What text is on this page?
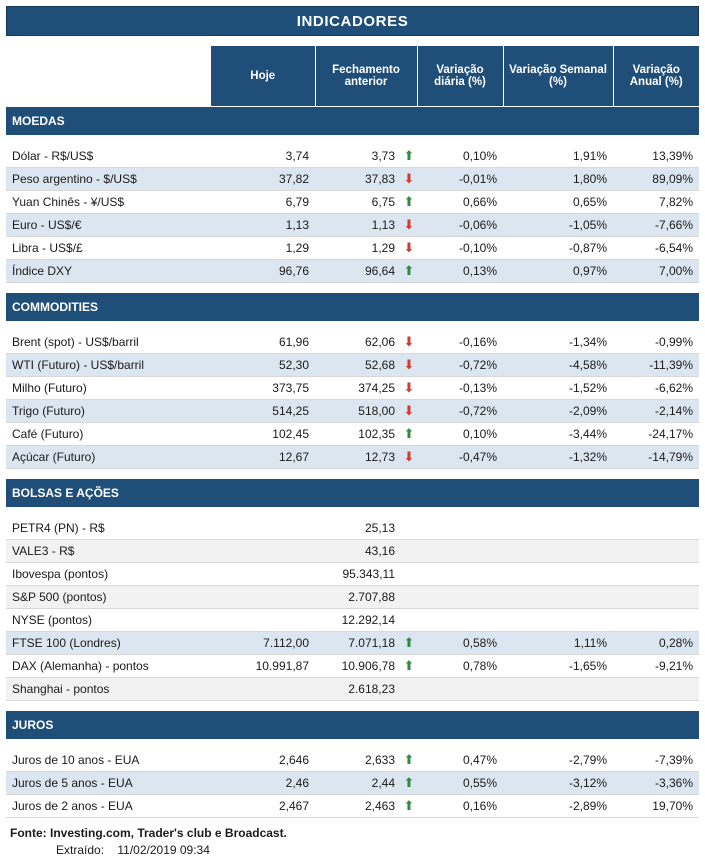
INDICADORES
	Hoje	Fechamento anterior		Variação diária (%)	Variação Semanal (%)	Variação Anual (%)
MOEDAS						

Dólar - R$/US$	3,74	3,73	⬆	0,10%	1,91%	13,39%
Peso argentino - $/US$	37,82	37,83	⬇	-0,01%	1,80%	89,09%
Yuan Chinês - ¥/US$	6,79	6,75	⬆	0,66%	0,65%	7,82%
Euro - US$/€	1,13	1,13	⬇	-0,06%	-1,05%	-7,66%
Libra - US$/£	1,29	1,29	⬇	-0,10%	-0,87%	-6,54%
Índice DXY	96,76	96,64	⬆	0,13%	0,97%	7,00%

COMMODITIES						

Brent (spot) - US$/barril	61,96	62,06	⬇	-0,16%	-1,34%	-0,99%
WTI (Futuro) - US$/barril	52,30	52,68	⬇	-0,72%	-4,58%	-11,39%
Milho (Futuro)	373,75	374,25	⬇	-0,13%	-1,52%	-6,62%
Trigo (Futuro)	514,25	518,00	⬇	-0,72%	-2,09%	-2,14%
Café (Futuro)	102,45	102,35	⬆	0,10%	-3,44%	-24,17%
Açúcar (Futuro)	12,67	12,73	⬇	-0,47%	-1,32%	-14,79%

BOLSAS E AÇÕES						

PETR4 (PN) - R$		25,13				
VALE3 - R$		43,16				
Ibovespa (pontos)		95.343,11				
S&P 500 (pontos)		2.707,88				
NYSE (pontos)		12.292,14				
FTSE 100 (Londres)	7.112,00	7.071,18	⬆	0,58%	1,11%	0,28%
DAX (Alemanha) - pontos	10.991,87	10.906,78	⬆	0,78%	-1,65%	-9,21%
Shanghai - pontos		2.618,23				

JUROS						

Juros de 10 anos - EUA	2,646	2,633	⬆	0,47%	-2,79%	-7,39%
Juros de 5 anos - EUA	2,46	2,44	⬆	0,55%	-3,12%	-3,36%
Juros de 2 anos - EUA	2,467	2,463	⬆	0,16%	-2,89%	19,70%
Fonte: Investing.com, Trader's club e Broadcast.
Extraído: 11/02/2019 09:34
